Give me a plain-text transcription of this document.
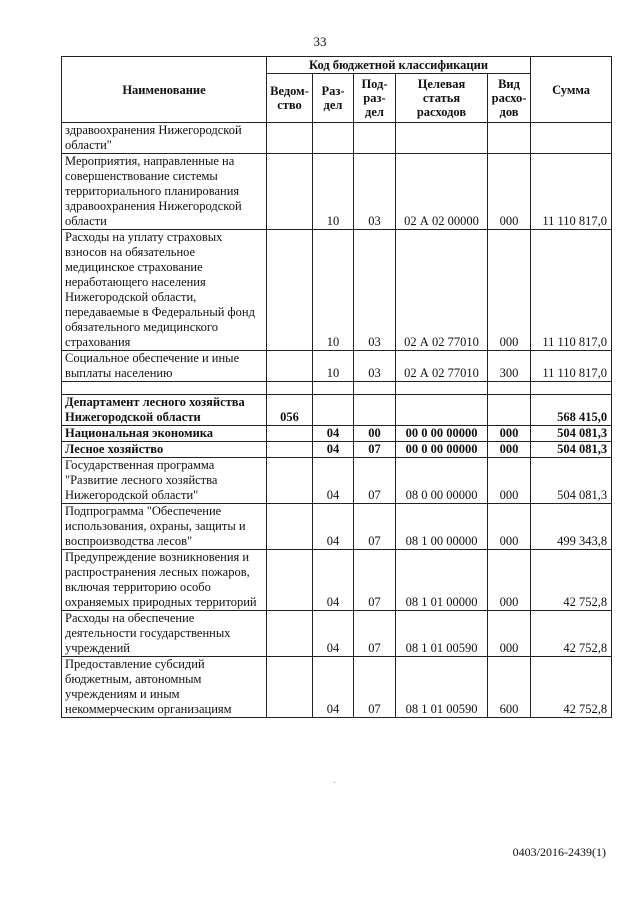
33
Наименование	Код бюджетной классификации					Сумма
	Ведом-ство	Раз-дел	Под-раз-дел	Целевая статья расходов	Вид расхо-дов	
здравоохранения Нижегородской области"						
Мероприятия, направленные на совершенствование системы территориального планирования здравоохранения Нижегородской области		10	03	02 А 02 00000	000	11 110 817,0
Расходы на уплату страховых взносов на обязательное медицинское страхование неработающего населения Нижегородской области, передаваемые в Федеральный фонд обязательного медицинского страхования		10	03	02 А 02 77010	000	11 110 817,0
Социальное обеспечение и иные выплаты населению		10	03	02 А 02 77010	300	11 110 817,0

Департамент лесного хозяйства Нижегородской области	056					568 415,0
Национальная экономика		04	00	00 0 00 00000	000	504 081,3
Лесное хозяйство		04	07	00 0 00 00000	000	504 081,3
Государственная программа "Развитие лесного хозяйства Нижегородской области"		04	07	08 0 00 00000	000	504 081,3
Подпрограмма "Обеспечение использования, охраны, защиты и воспроизводства лесов"		04	07	08 1 00 00000	000	499 343,8
Предупреждение возникновения и распространения лесных пожаров, включая территорию особо охраняемых природных территорий		04	07	08 1 01 00000	000	42 752,8
Расходы на обеспечение деятельности государственных учреждений		04	07	08 1 01 00590	000	42 752,8
Предоставление субсидий бюджетным, автономным учреждениям и иным некоммерческим организациям		04	07	08 1 01 00590	600	42 752,8
·
0403/2016-2439(1)
